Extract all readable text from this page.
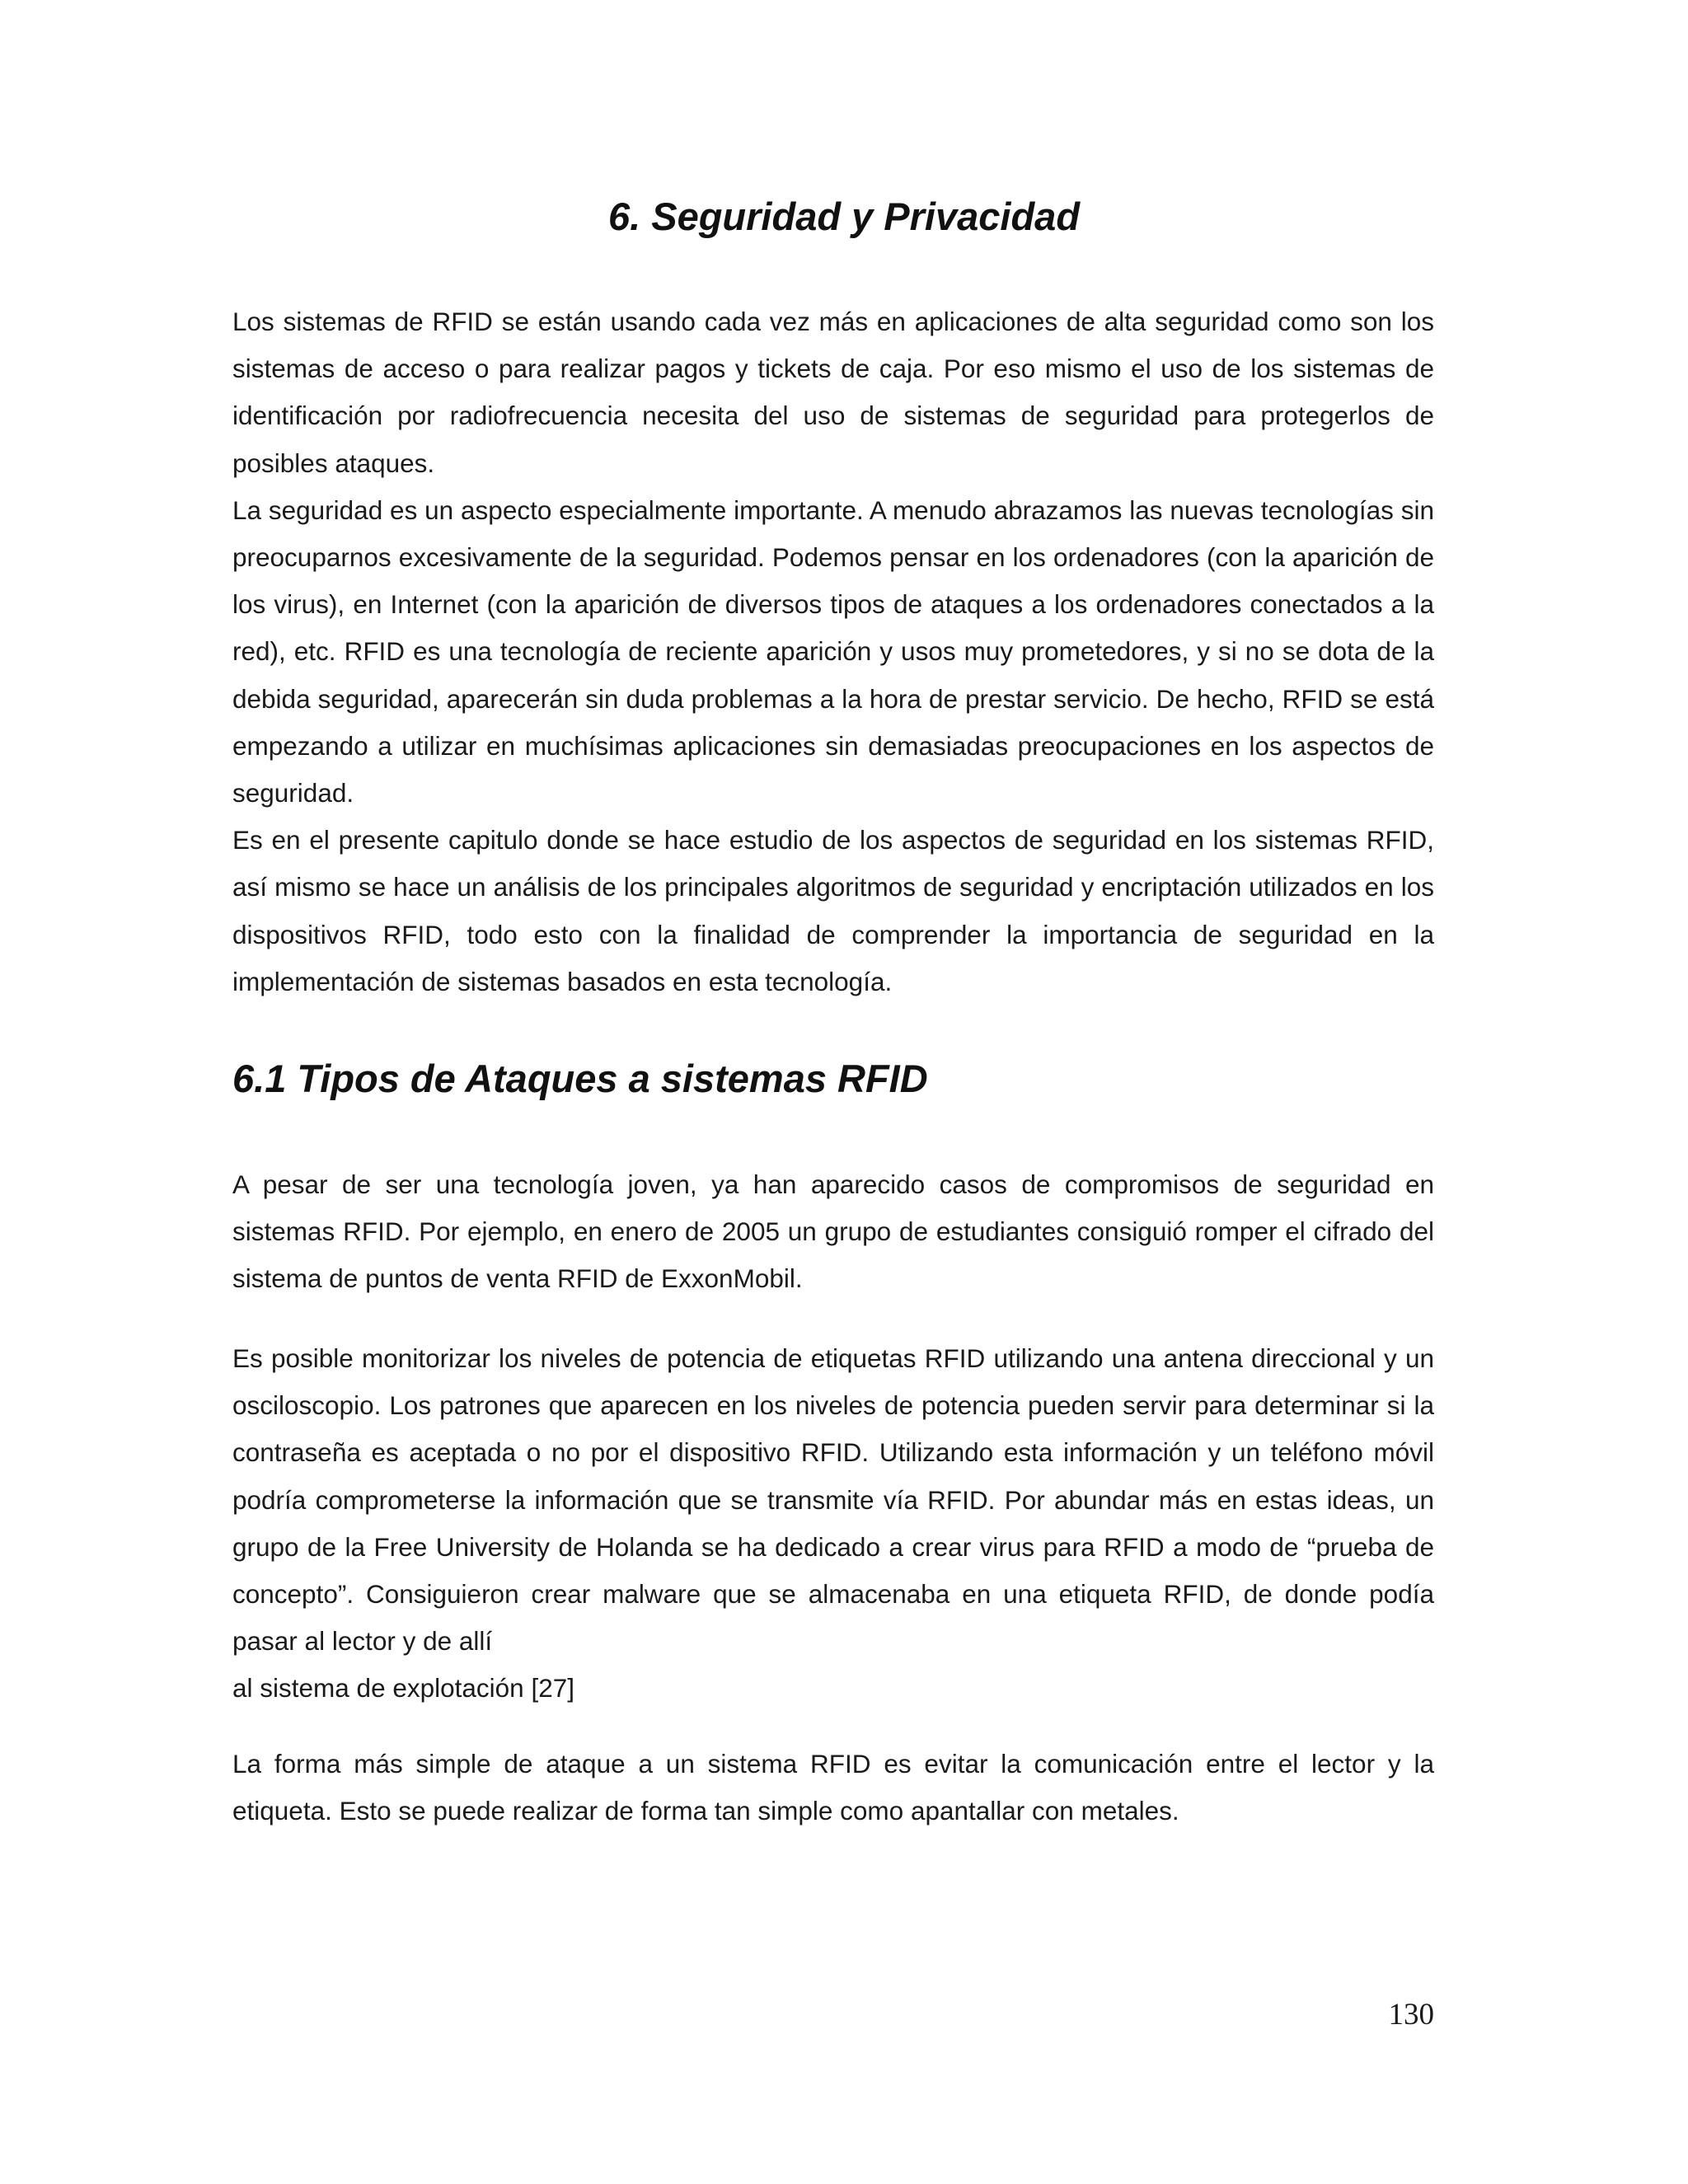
6. Seguridad y Privacidad

Los sistemas de RFID se están usando cada vez más en aplicaciones de alta seguridad como son los sistemas de acceso o para realizar pagos y tickets de caja. Por eso mismo el uso de los sistemas de identificación por radiofrecuencia necesita del uso de sistemas de seguridad para protegerlos de posibles ataques.

La seguridad es un aspecto especialmente importante. A menudo abrazamos las nuevas tecnologías sin preocuparnos excesivamente de la seguridad. Podemos pensar en los ordenadores (con la aparición de los virus), en Internet (con la aparición de diversos tipos de ataques a los ordenadores conectados a la red), etc. RFID es una tecnología de reciente aparición y usos muy prometedores, y si no se dota de la debida seguridad, aparecerán sin duda problemas a la hora de prestar servicio. De hecho, RFID se está empezando a utilizar en muchísimas aplicaciones sin demasiadas preocupaciones en los aspectos de seguridad.

Es en el presente capitulo donde se hace estudio de los aspectos de seguridad en los sistemas RFID, así mismo se hace un análisis de los principales algoritmos de seguridad y encriptación utilizados en los dispositivos RFID, todo esto con la finalidad de comprender la importancia de seguridad en la implementación de sistemas basados en esta tecnología.

6.1 Tipos de Ataques a sistemas RFID

A pesar de ser una tecnología joven, ya han aparecido casos de compromisos de seguridad en sistemas RFID. Por ejemplo, en enero de 2005 un grupo de estudiantes consiguió romper el cifrado del sistema de puntos de venta RFID de ExxonMobil.

Es posible monitorizar los niveles de potencia de etiquetas RFID utilizando una antena direccional y un osciloscopio. Los patrones que aparecen en los niveles de potencia pueden servir para determinar si la contraseña es aceptada o no por el dispositivo RFID. Utilizando esta información y un teléfono móvil podría comprometerse la información que se transmite vía RFID. Por abundar más en estas ideas, un grupo de la Free University de Holanda se ha dedicado a crear virus para RFID a modo de “prueba de concepto”. Consiguieron crear malware que se almacenaba en una etiqueta RFID, de donde podía pasar al lector y de allí

al sistema de explotación [27]

La forma más simple de ataque a un sistema RFID es evitar la comunicación entre el lector y la etiqueta. Esto se puede realizar de forma tan simple como apantallar con metales.

130
